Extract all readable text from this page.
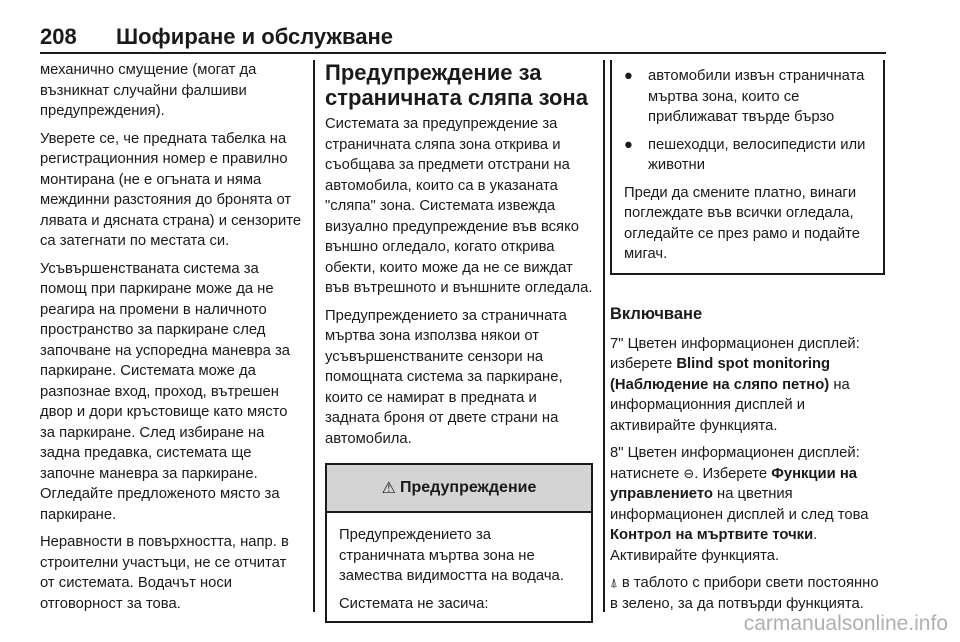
208 Шофиране и обслужване

механично смущение (могат да възникнат случайни фалшиви предупреждения).

Уверете се, че предната табелка на регистрационния номер е правилно монтирана (не е огъната и няма междинни разстояния до бронята от лявата и дясната страна) и сензорите са затегнати по местата си.

Усъвършенстваната система за помощ при паркиране може да не реагира на промени в наличното пространство за паркиране след започване на успоредна маневра за паркиране. Системата може да разпознае вход, проход, вътрешен двор и дори кръстовище като място за паркиране. След избиране на задна предавка, системата ще започне маневра за паркиране. Огледайте предложеното място за паркиране.

Неравности в повърхността, напр. в строителни участъци, не се отчитат от системата. Водачът носи отговорност за това.

Предупреждение за страничната сляпа зона

Системата за предупреждение за страничната сляпа зона открива и съобщава за предмети отстрани на автомобила, които са в указаната "сляпа" зона. Системата извежда визуално предупреждение във всяко външно огледало, когато открива обекти, които може да не се виждат във вътрешното и външните огледала.

Предупреждението за страничната мъртва зона използва някои от усъвършенстваните сензори на помощната система за паркиране, които се намират в предната и задната броня от двете страни на автомобила.

⚠ Предупреждение

Предупреждението за страничната мъртва зона не замества видимостта на водача.

Системата не засича:

●	автомобили извън страничната мъртва зона, които се приближават твърде бързо
●	пешеходци, велосипедисти или животни

Преди да смените платно, винаги поглеждате във всички огледала, огледайте се през рамо и подайте мигач.

Включване

7" Цветен информационен дисплей: изберете Blind spot monitoring (Наблюдение на сляпо петно) на информационния дисплей и активирайте функцията.

8" Цветен информационен дисплей: натиснете ⊖. Изберете Функции на управлението на цветния информационен дисплей и след това Контрол на мъртвите точки. Активирайте функцията.

⍋ в таблото с прибори свети постоянно в зелено, за да потвърди функцията.

carmanualsonline.info
